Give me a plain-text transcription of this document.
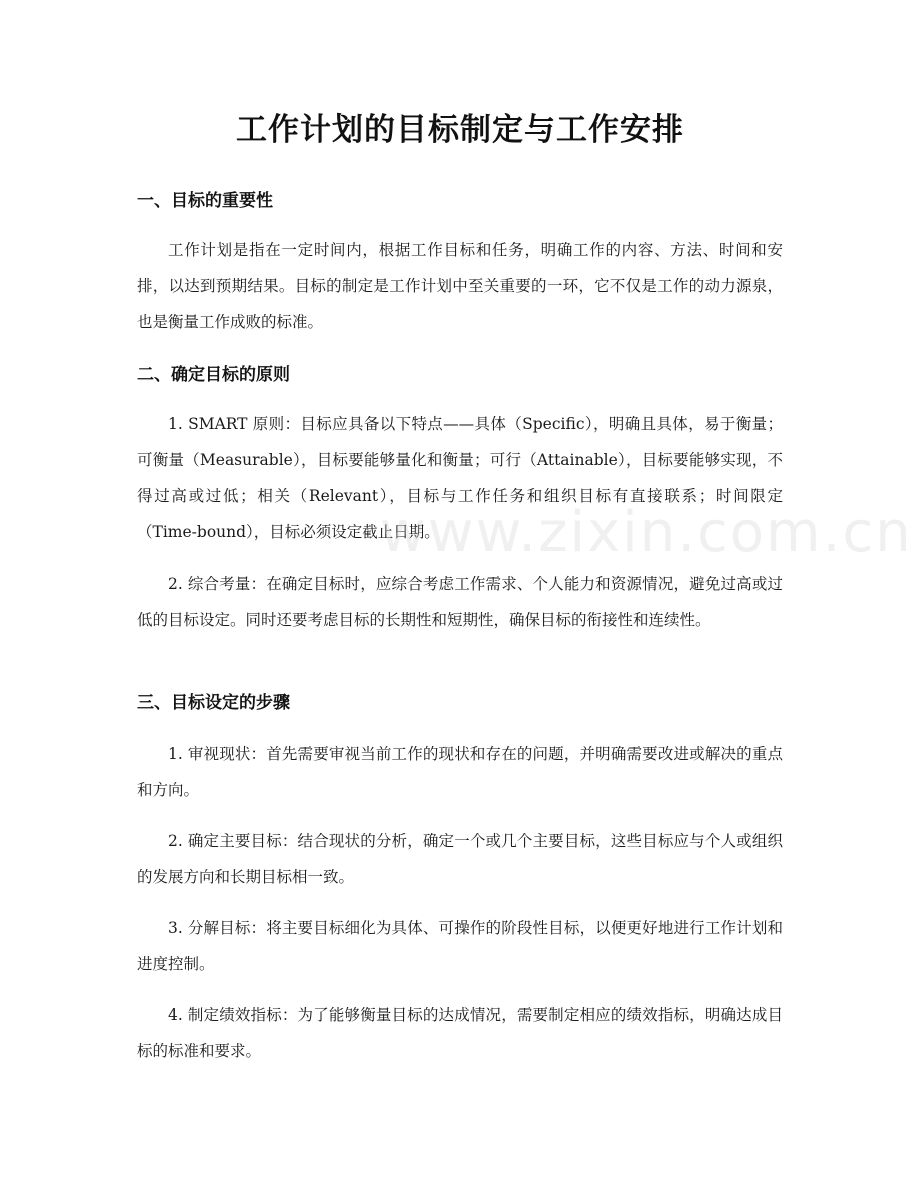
工作计划的目标制定与工作安排
一、目标的重要性

工作计划是指在一定时间内，根据工作目标和任务，明确工作的内容、方法、时间和安排，以达到预期结果。目标的制定是工作计划中至关重要的一环，它不仅是工作的动力源泉，也是衡量工作成败的标准。

二、确定目标的原则

1. SMART 原则：目标应具备以下特点——具体（Specific），明确且具体，易于衡量；可衡量（Measurable），目标要能够量化和衡量；可行（Attainable），目标要能够实现，不得过高或过低；相关（Relevant），目标与工作任务和组织目标有直接联系；时间限定（Time-bound），目标必须设定截止日期。

2. 综合考量：在确定目标时，应综合考虑工作需求、个人能力和资源情况，避免过高或过低的目标设定。同时还要考虑目标的长期性和短期性，确保目标的衔接性和连续性。

三、目标设定的步骤

1. 审视现状：首先需要审视当前工作的现状和存在的问题，并明确需要改进或解决的重点和方向。

2. 确定主要目标：结合现状的分析，确定一个或几个主要目标，这些目标应与个人或组织的发展方向和长期目标相一致。

3. 分解目标：将主要目标细化为具体、可操作的阶段性目标，以便更好地进行工作计划和进度控制。

4. 制定绩效指标：为了能够衡量目标的达成情况，需要制定相应的绩效指标，明确达成目标的标准和要求。

www.zixin.com.cn
